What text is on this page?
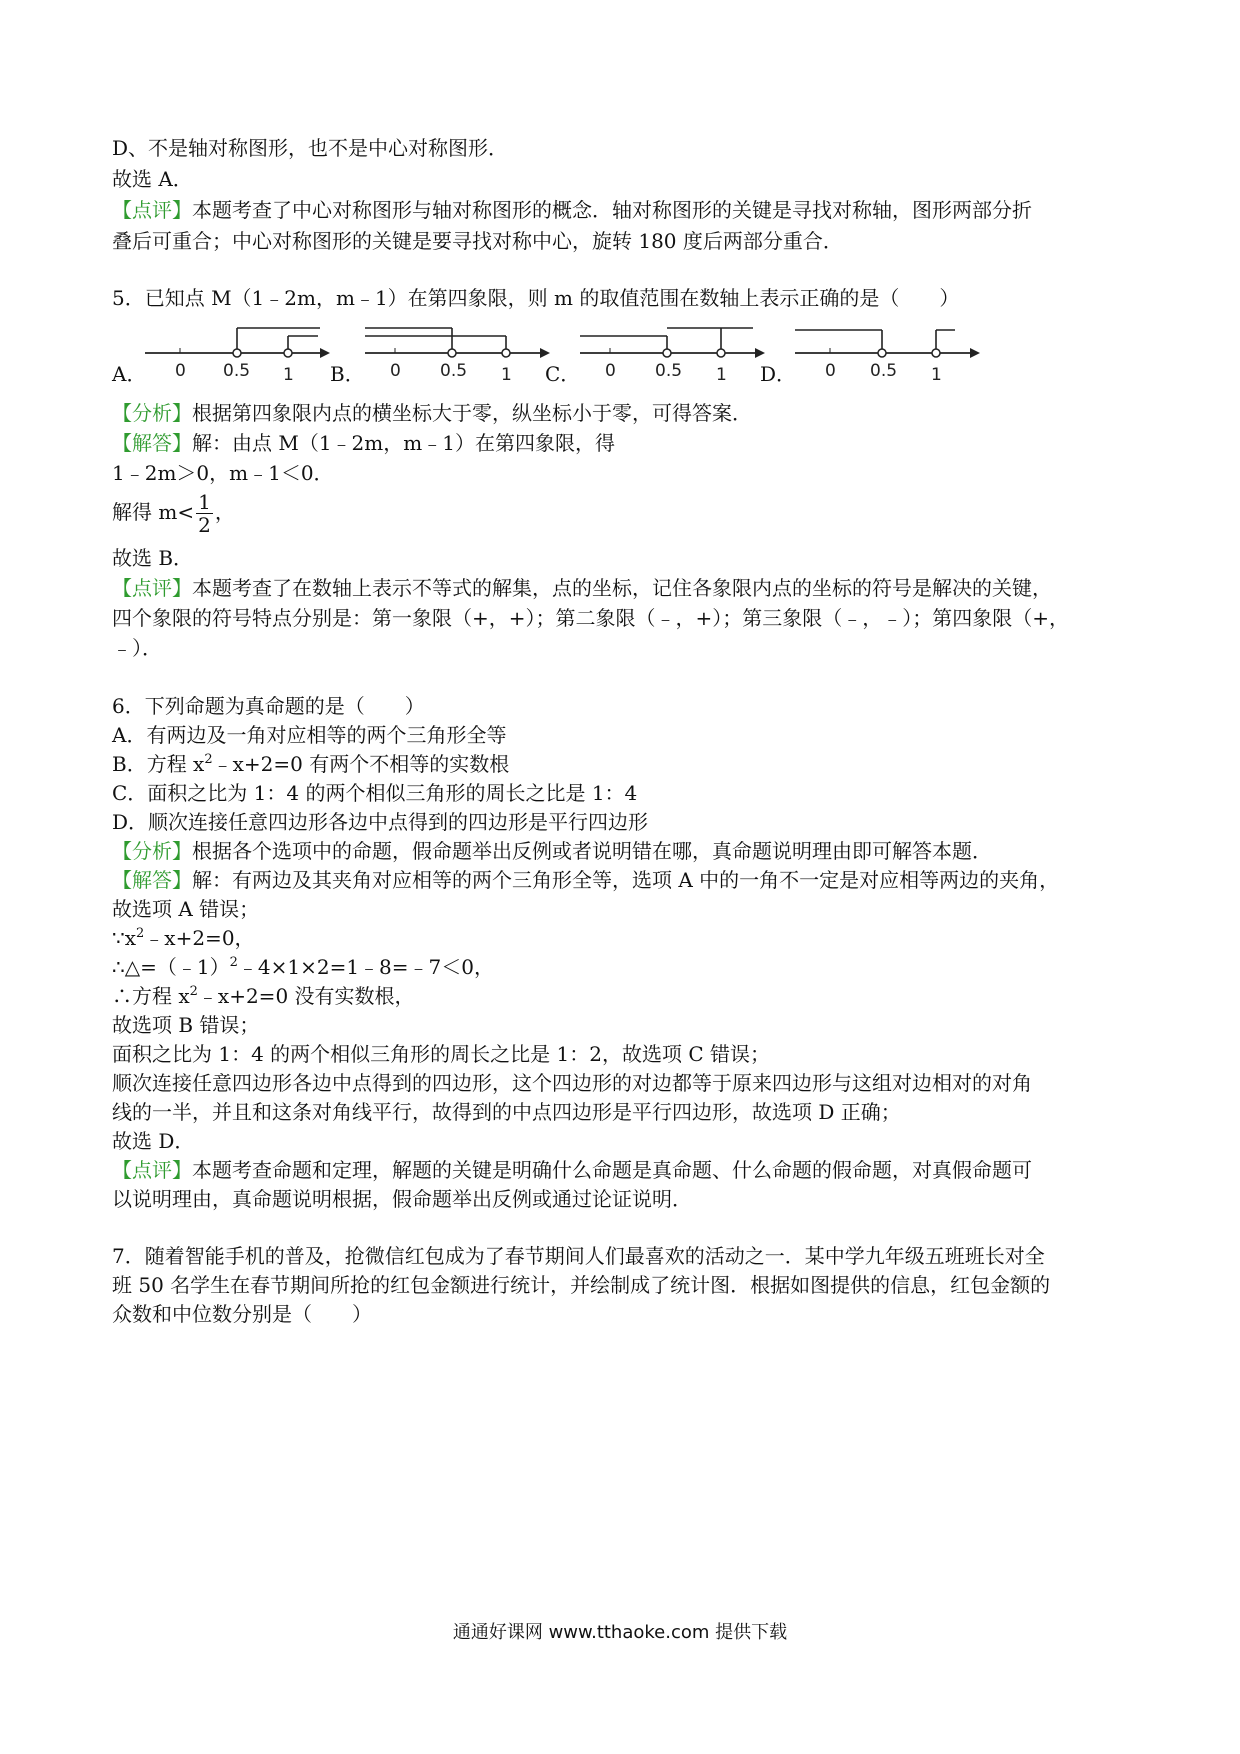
D、不是轴对称图形，也不是中心对称图形．
故选 A．
【点评】本题考查了中心对称图形与轴对称图形的概念．轴对称图形的关键是寻找对称轴，图形两部分折
叠后可重合；中心对称图形的关键是要寻找对称中心，旋转 180 度后两部分重合．
5．已知点 M（1﹣2m，m﹣1）在第四象限，则 m 的取值范围在数轴上表示正确的是（　　）
A． 0 0.5 1 B． 0 0.5 1 C． 0 0.5 1 D． 0 0.5 1
【分析】根据第四象限内点的横坐标大于零，纵坐标小于零，可得答案．
【解答】解：由点 M（1﹣2m，m﹣1）在第四象限，得
1﹣2m＞0，m﹣1＜0．
解得 $m< \frac{1}{2}$ ，
故选 B．
【点评】本题考查了在数轴上表示不等式的解集，点的坐标，记住各象限内点的坐标的符号是解决的关键，
四个象限的符号特点分别是：第一象限（+，+）；第二象限（﹣，+）；第三象限（﹣，﹣）；第四象限（+，
﹣）．
6．下列命题为真命题的是（　　）
A．有两边及一角对应相等的两个三角形全等
B．方程 $x^2﹣x+2=0$ 有两个不相等的实数根
C．面积之比为 1：4 的两个相似三角形的周长之比是 1：4
D．顺次连接任意四边形各边中点得到的四边形是平行四边形
【分析】根据各个选项中的命题，假命题举出反例或者说明错在哪，真命题说明理由即可解答本题．
【解答】解：有两边及其夹角对应相等的两个三角形全等，选项 A 中的一角不一定是对应相等两边的夹角，
故选项 A 错误；
$\because x^2﹣x+2=0$，
∴△=（﹣1）$^2$﹣4×1×2=1﹣8=﹣7＜0，
∴方程 $x^2﹣x+2=0$ 没有实数根，
故选项 B 错误；
面积之比为 1：4 的两个相似三角形的周长之比是 1：2，故选项 C 错误；
顺次连接任意四边形各边中点得到的四边形，这个四边形的对边都等于原来四边形与这组对边相对的对角
线的一半，并且和这条对角线平行，故得到的中点四边形是平行四边形，故选项 D 正确；
故选 D．
【点评】本题考查命题和定理，解题的关键是明确什么命题是真命题、什么命题的假命题，对真假命题可
以说明理由，真命题说明根据，假命题举出反例或通过论证说明．
7．随着智能手机的普及，抢微信红包成为了春节期间人们最喜欢的活动之一．某中学九年级五班班长对全
班 50 名学生在春节期间所抢的红包金额进行统计，并绘制成了统计图．根据如图提供的信息，红包金额的
众数和中位数分别是（　　）
通通好课网 www.tthaoke.com 提供下载
